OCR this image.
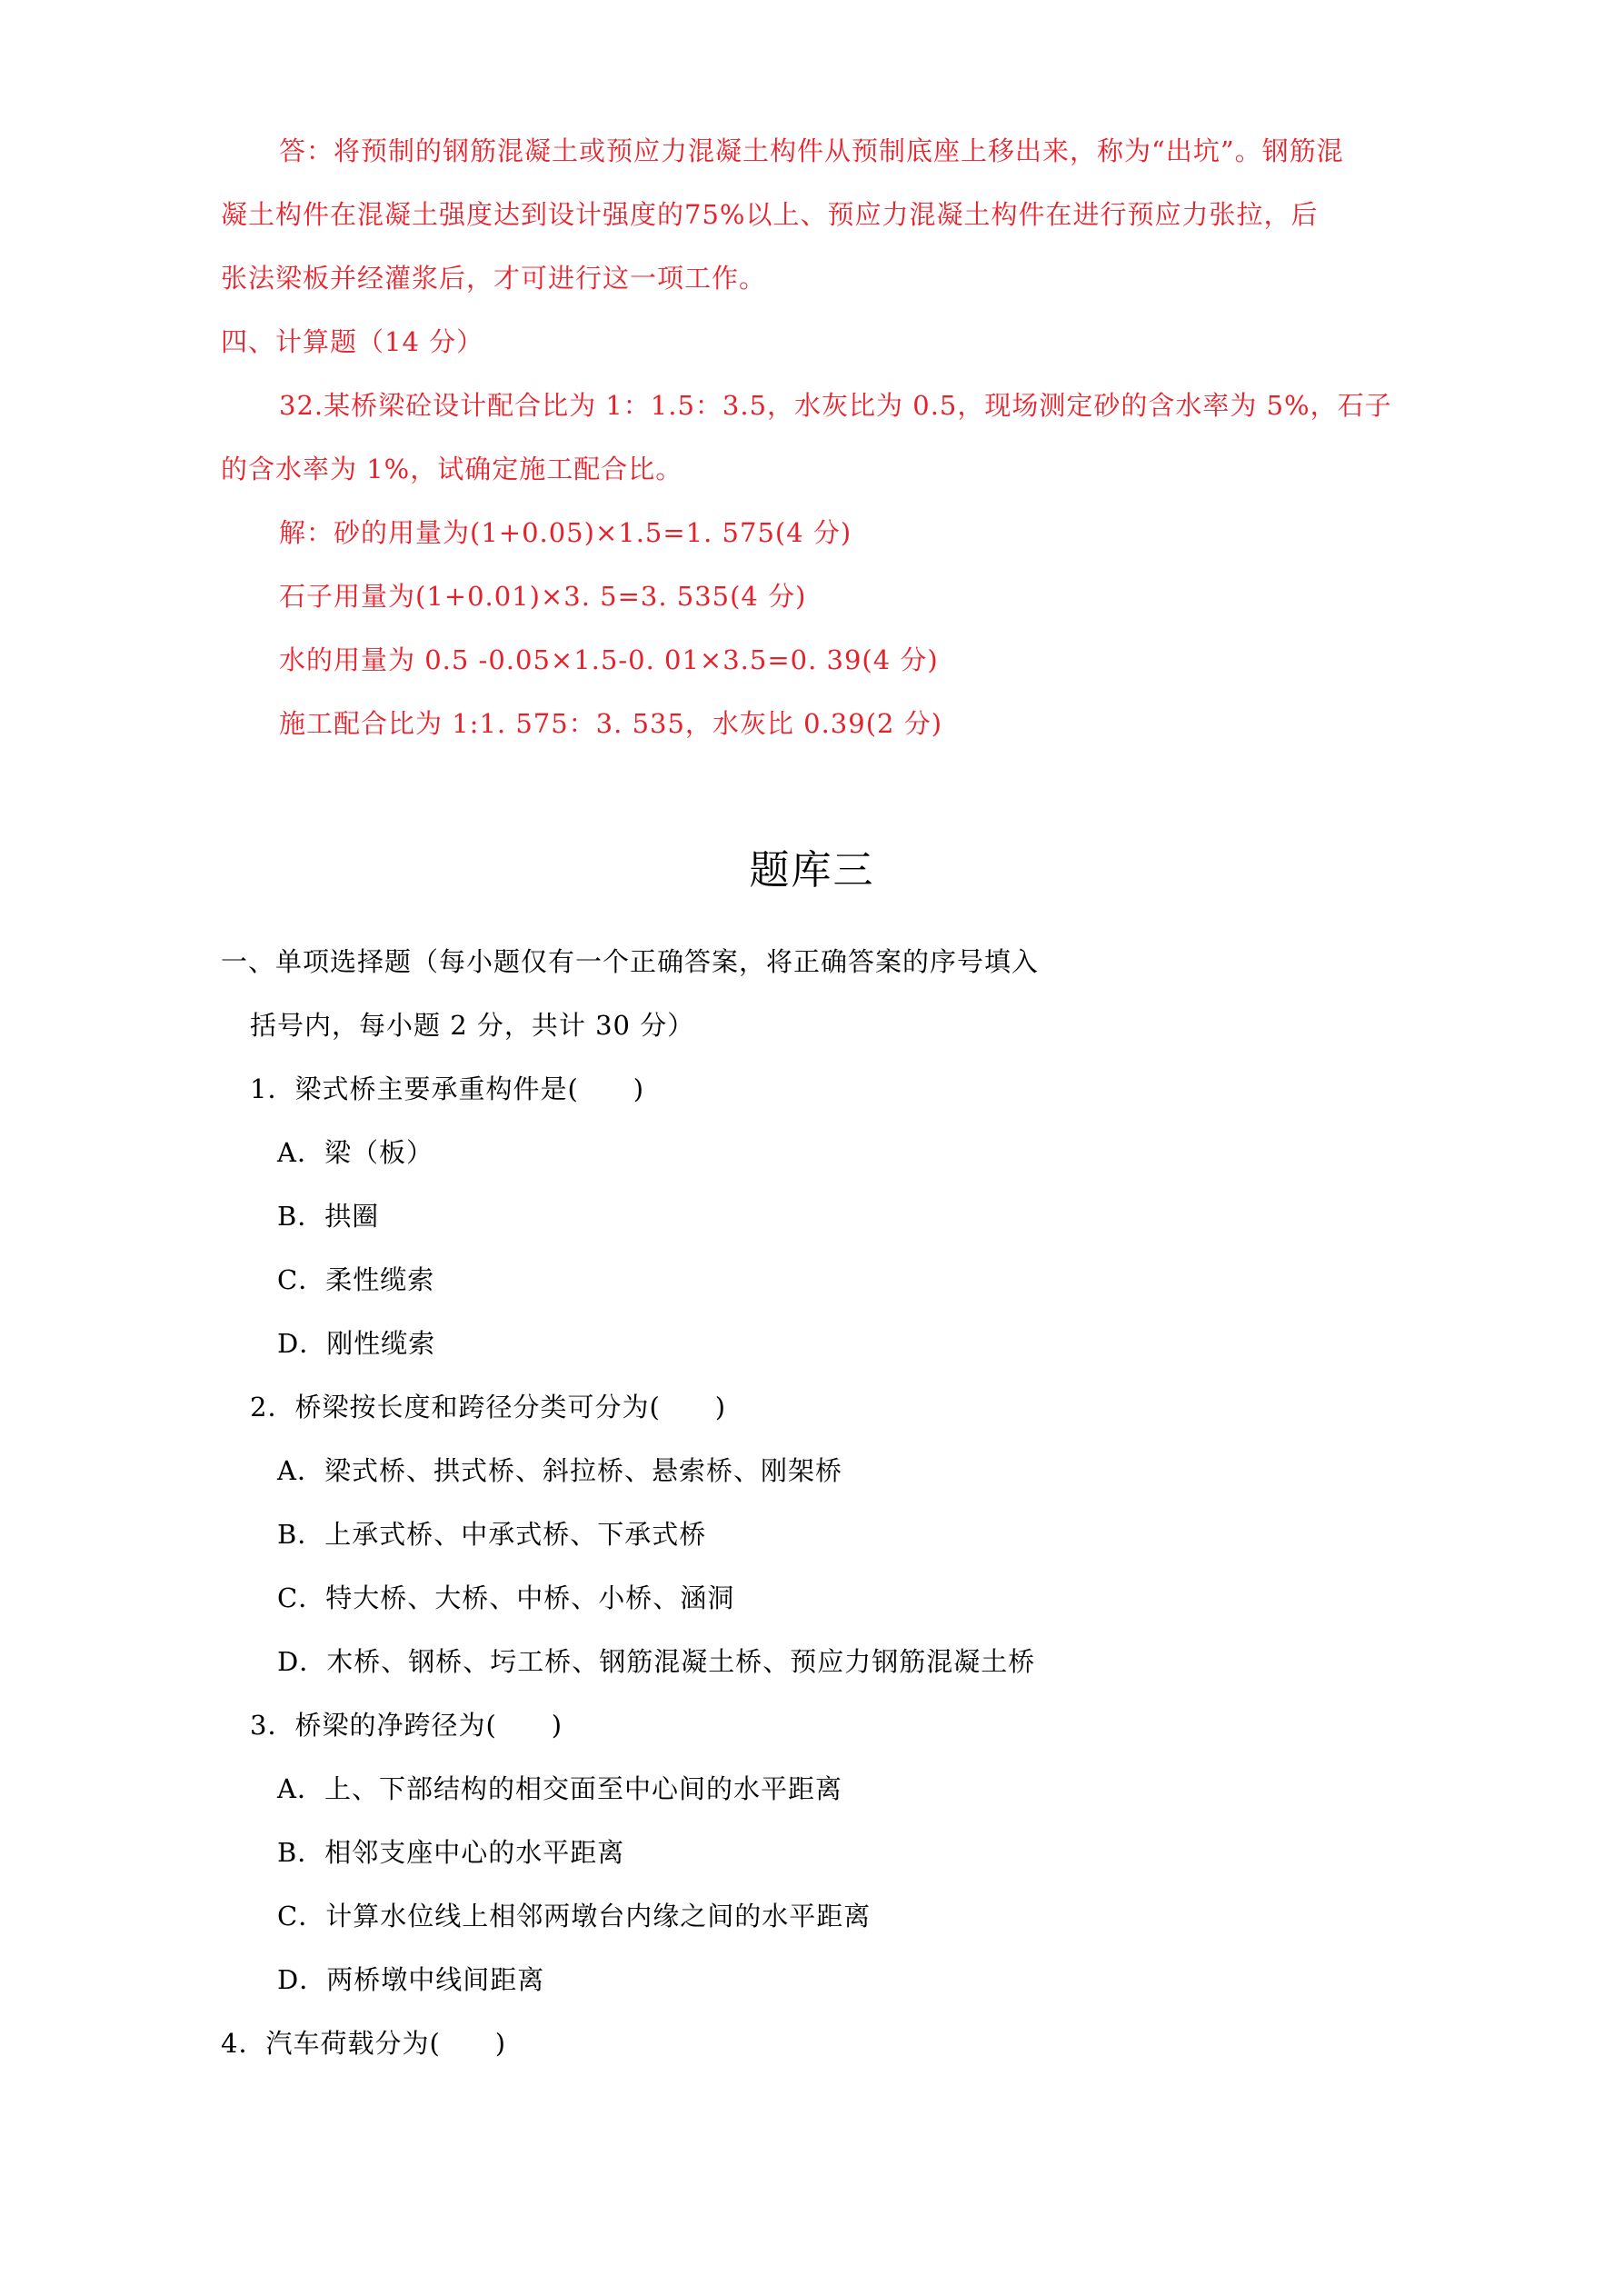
答：将预制的钢筋混凝土或预应力混凝土构件从预制底座上移出来，称为“出坑”。钢筋混
凝土构件在混凝土强度达到设计强度的75%以上、预应力混凝土构件在进行预应力张拉，后
张法梁板并经灌浆后，才可进行这一项工作。
四、计算题（14 分）
32.某桥梁砼设计配合比为 1：1.5：3.5，水灰比为 0.5，现场测定砂的含水率为 5%，石子
的含水率为 1%，试确定施工配合比。
解：砂的用量为(1+0.05)×1.5=1. 575(4 分)
石子用量为(1+0.01)×3. 5=3. 535(4 分)
水的用量为 0.5 -0.05×1.5-0. 01×3.5=0. 39(4 分)
施工配合比为 1:1. 575：3. 535，水灰比 0.39(2 分)
题库三
一、单项选择题（每小题仅有一个正确答案，将正确答案的序号填入
括号内，每小题 2 分，共计 30 分）
1．梁式桥主要承重构件是(　　)
A．梁（板）
B．拱圈
C．柔性缆索
D．刚性缆索
2．桥梁按长度和跨径分类可分为(　　)
A．梁式桥、拱式桥、斜拉桥、悬索桥、刚架桥
B．上承式桥、中承式桥、下承式桥
C．特大桥、大桥、中桥、小桥、涵洞
D．木桥、钢桥、圬工桥、钢筋混凝土桥、预应力钢筋混凝土桥
3．桥梁的净跨径为(　　)
A．上、下部结构的相交面至中心间的水平距离
B．相邻支座中心的水平距离
C．计算水位线上相邻两墩台内缘之间的水平距离
D．两桥墩中线间距离
4．汽车荷载分为(　　)
